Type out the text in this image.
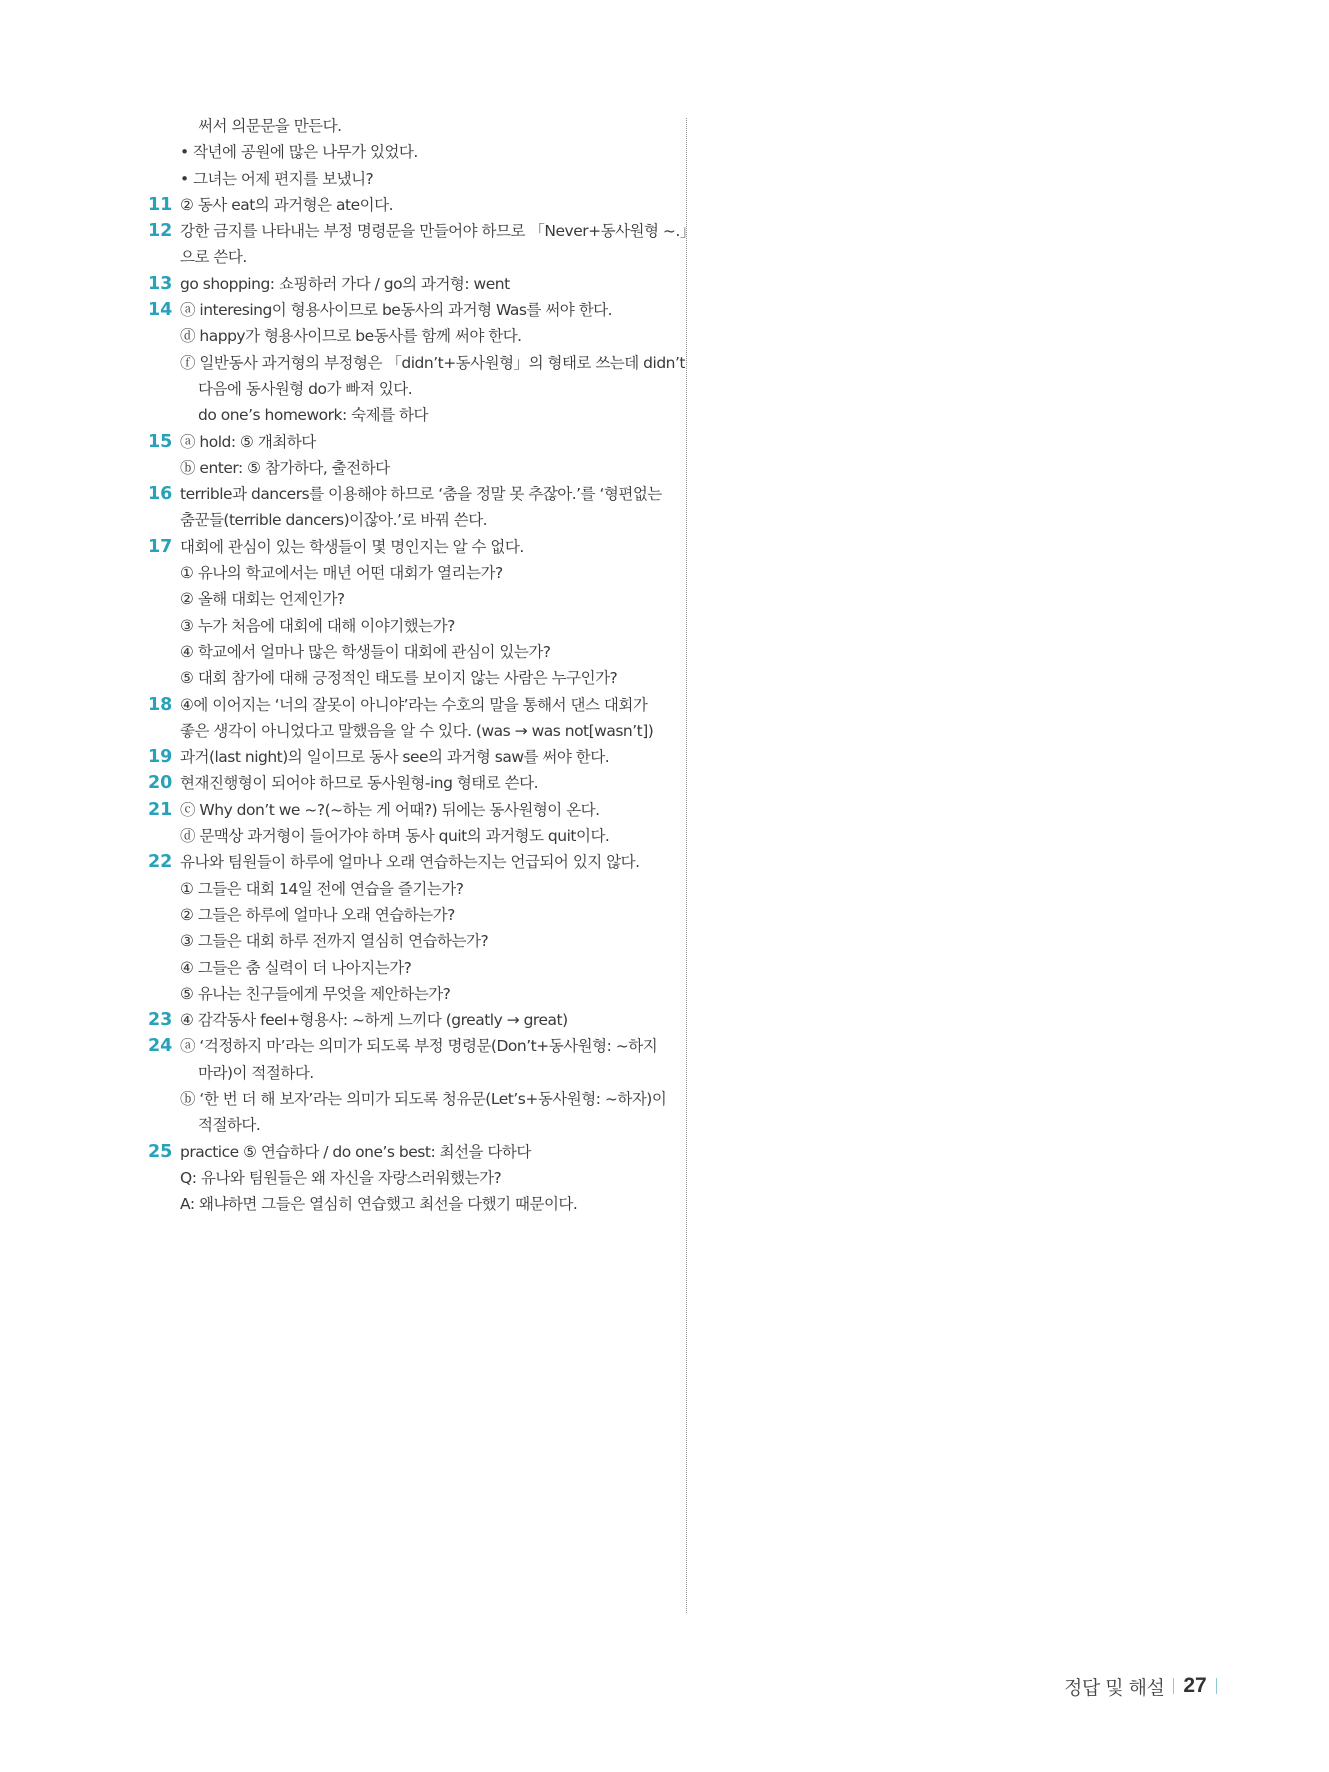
써서 의문문을 만든다.
• 작년에 공원에 많은 나무가 있었다.
• 그녀는 어제 편지를 보냈니?
11 ② 동사 eat의 과거형은 ate이다.
12 강한 금지를 나타내는 부정 명령문을 만들어야 하므로 「Never+동사원형 ~.」
으로 쓴다.
13 go shopping: 쇼핑하러 가다 / go의 과거형: went
14 ⓐ interesing이 형용사이므로 be동사의 과거형 Was를 써야 한다.
ⓓ happy가 형용사이므로 be동사를 함께 써야 한다.
ⓕ 일반동사 과거형의 부정형은 「didn’t+동사원형」의 형태로 쓰는데 didn’t
다음에 동사원형 do가 빠져 있다.
do one’s homework: 숙제를 하다
15 ⓐ hold: ⑤ 개최하다
ⓑ enter: ⑤ 참가하다, 출전하다
16 terrible과 dancers를 이용해야 하므로 ‘춤을 정말 못 추잖아.’를 ‘형편없는
춤꾼들(terrible dancers)이잖아.’로 바꿔 쓴다.
17 대회에 관심이 있는 학생들이 몇 명인지는 알 수 없다.
① 유나의 학교에서는 매년 어떤 대회가 열리는가?
② 올해 대회는 언제인가?
③ 누가 처음에 대회에 대해 이야기했는가?
④ 학교에서 얼마나 많은 학생들이 대회에 관심이 있는가?
⑤ 대회 참가에 대해 긍정적인 태도를 보이지 않는 사람은 누구인가?
18 ④에 이어지는 ‘너의 잘못이 아니야’라는 수호의 말을 통해서 댄스 대회가
좋은 생각이 아니었다고 말했음을 알 수 있다. (was → was not[wasn’t])
19 과거(last night)의 일이므로 동사 see의 과거형 saw를 써야 한다.
20 현재진행형이 되어야 하므로 동사원형-ing 형태로 쓴다.
21 ⓒ Why don’t we ~?(~하는 게 어때?) 뒤에는 동사원형이 온다.
ⓓ 문맥상 과거형이 들어가야 하며 동사 quit의 과거형도 quit이다.
22 유나와 팀원들이 하루에 얼마나 오래 연습하는지는 언급되어 있지 않다.
① 그들은 대회 14일 전에 연습을 즐기는가?
② 그들은 하루에 얼마나 오래 연습하는가?
③ 그들은 대회 하루 전까지 열심히 연습하는가?
④ 그들은 춤 실력이 더 나아지는가?
⑤ 유나는 친구들에게 무엇을 제안하는가?
23 ④ 감각동사 feel+형용사: ~하게 느끼다 (greatly → great)
24 ⓐ ‘걱정하지 마’라는 의미가 되도록 부정 명령문(Don’t+동사원형: ~하지
마라)이 적절하다.
ⓑ ‘한 번 더 해 보자’라는 의미가 되도록 청유문(Let’s+동사원형: ~하자)이
적절하다.
25 practice ⑤ 연습하다 / do one’s best: 최선을 다하다
Q: 유나와 팀원들은 왜 자신을 자랑스러워했는가?
A: 왜냐하면 그들은 열심히 연습했고 최선을 다했기 때문이다.
정답 및 해설 27
